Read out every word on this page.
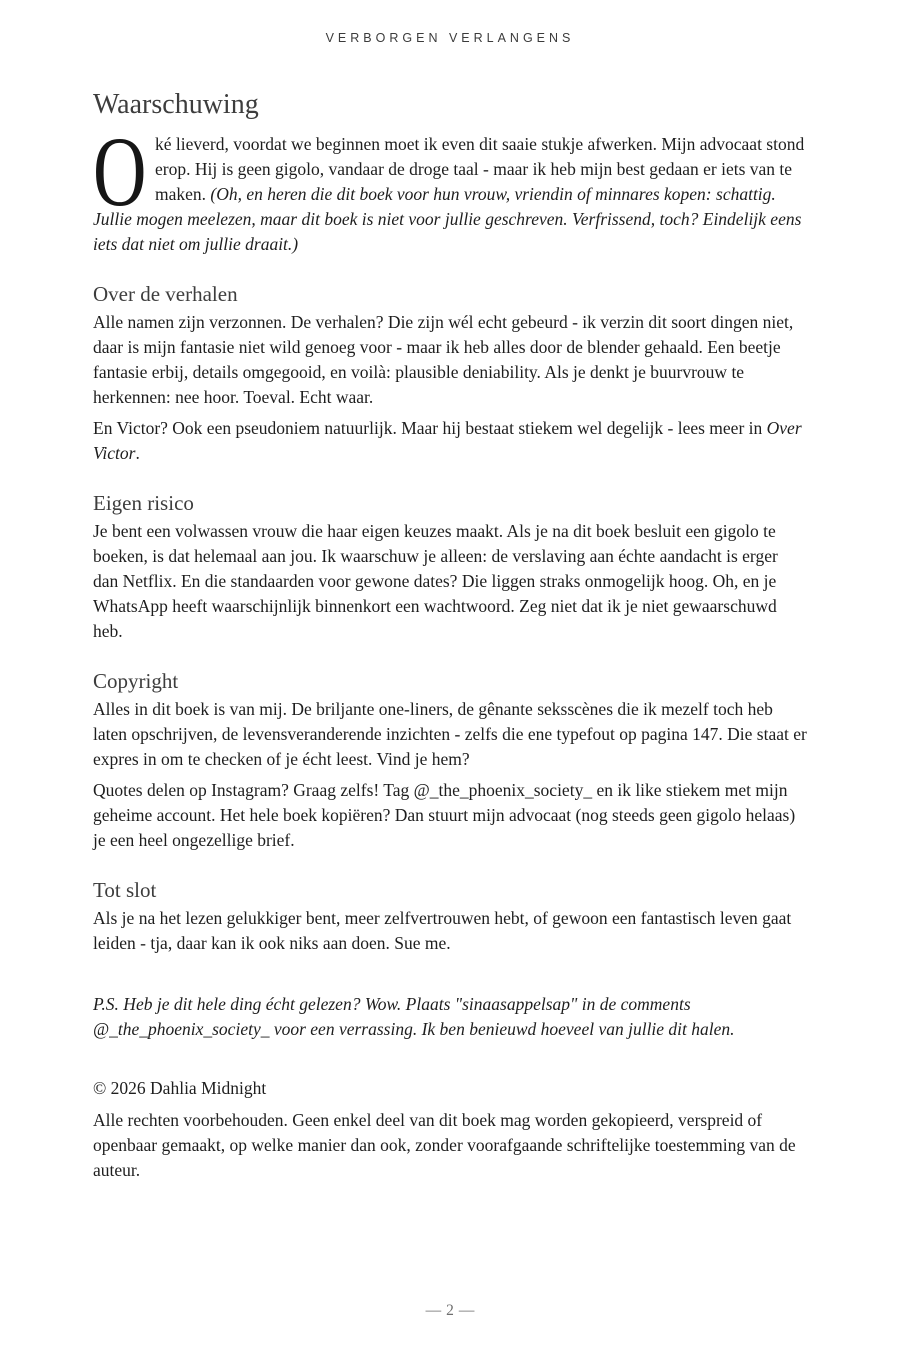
VERBORGEN VERLANGENS
Waarschuwing

Oké lieverd, voordat we beginnen moet ik even dit saaie stukje afwerken. Mijn advocaat stond erop. Hij is geen gigolo, vandaar de droge taal - maar ik heb mijn best gedaan er iets van te maken. (Oh, en heren die dit boek voor hun vrouw, vriendin of minnares kopen: schattig. Jullie mogen meelezen, maar dit boek is niet voor jullie geschreven. Verfrissend, toch? Eindelijk eens iets dat niet om jullie draait.)

Over de verhalen

Alle namen zijn verzonnen. De verhalen? Die zijn wél echt gebeurd - ik verzin dit soort dingen niet, daar is mijn fantasie niet wild genoeg voor - maar ik heb alles door de blender gehaald. Een beetje fantasie erbij, details omgegooid, en voilà: plausible deniability. Als je denkt je buurvrouw te herkennen: nee hoor. Toeval. Echt waar.

En Victor? Ook een pseudoniem natuurlijk. Maar hij bestaat stiekem wel degelijk - lees meer in Over Victor.

Eigen risico

Je bent een volwassen vrouw die haar eigen keuzes maakt. Als je na dit boek besluit een gigolo te boeken, is dat helemaal aan jou. Ik waarschuw je alleen: de verslaving aan échte aandacht is erger dan Netflix. En die standaarden voor gewone dates? Die liggen straks onmogelijk hoog. Oh, en je WhatsApp heeft waarschijnlijk binnenkort een wachtwoord. Zeg niet dat ik je niet gewaarschuwd heb.

Copyright

Alles in dit boek is van mij. De briljante one-liners, de gênante seksscènes die ik mezelf toch heb laten opschrijven, de levensveranderende inzichten - zelfs die ene typefout op pagina 147. Die staat er expres in om te checken of je écht leest. Vind je hem?

Quotes delen op Instagram? Graag zelfs! Tag @_the_phoenix_society_ en ik like stiekem met mijn geheime account. Het hele boek kopiëren? Dan stuurt mijn advocaat (nog steeds geen gigolo helaas) je een heel ongezellige brief.

Tot slot

Als je na het lezen gelukkiger bent, meer zelfvertrouwen hebt, of gewoon een fantastisch leven gaat leiden - tja, daar kan ik ook niks aan doen. Sue me.

P.S. Heb je dit hele ding écht gelezen? Wow. Plaats "sinaasappelsap" in de comments @_the_phoenix_society_ voor een verrassing. Ik ben benieuwd hoeveel van jullie dit halen.

© 2026 Dahlia Midnight

Alle rechten voorbehouden. Geen enkel deel van dit boek mag worden gekopieerd, verspreid of openbaar gemaakt, op welke manier dan ook, zonder voorafgaande schriftelijke toestemming van de auteur.

— 2 —
